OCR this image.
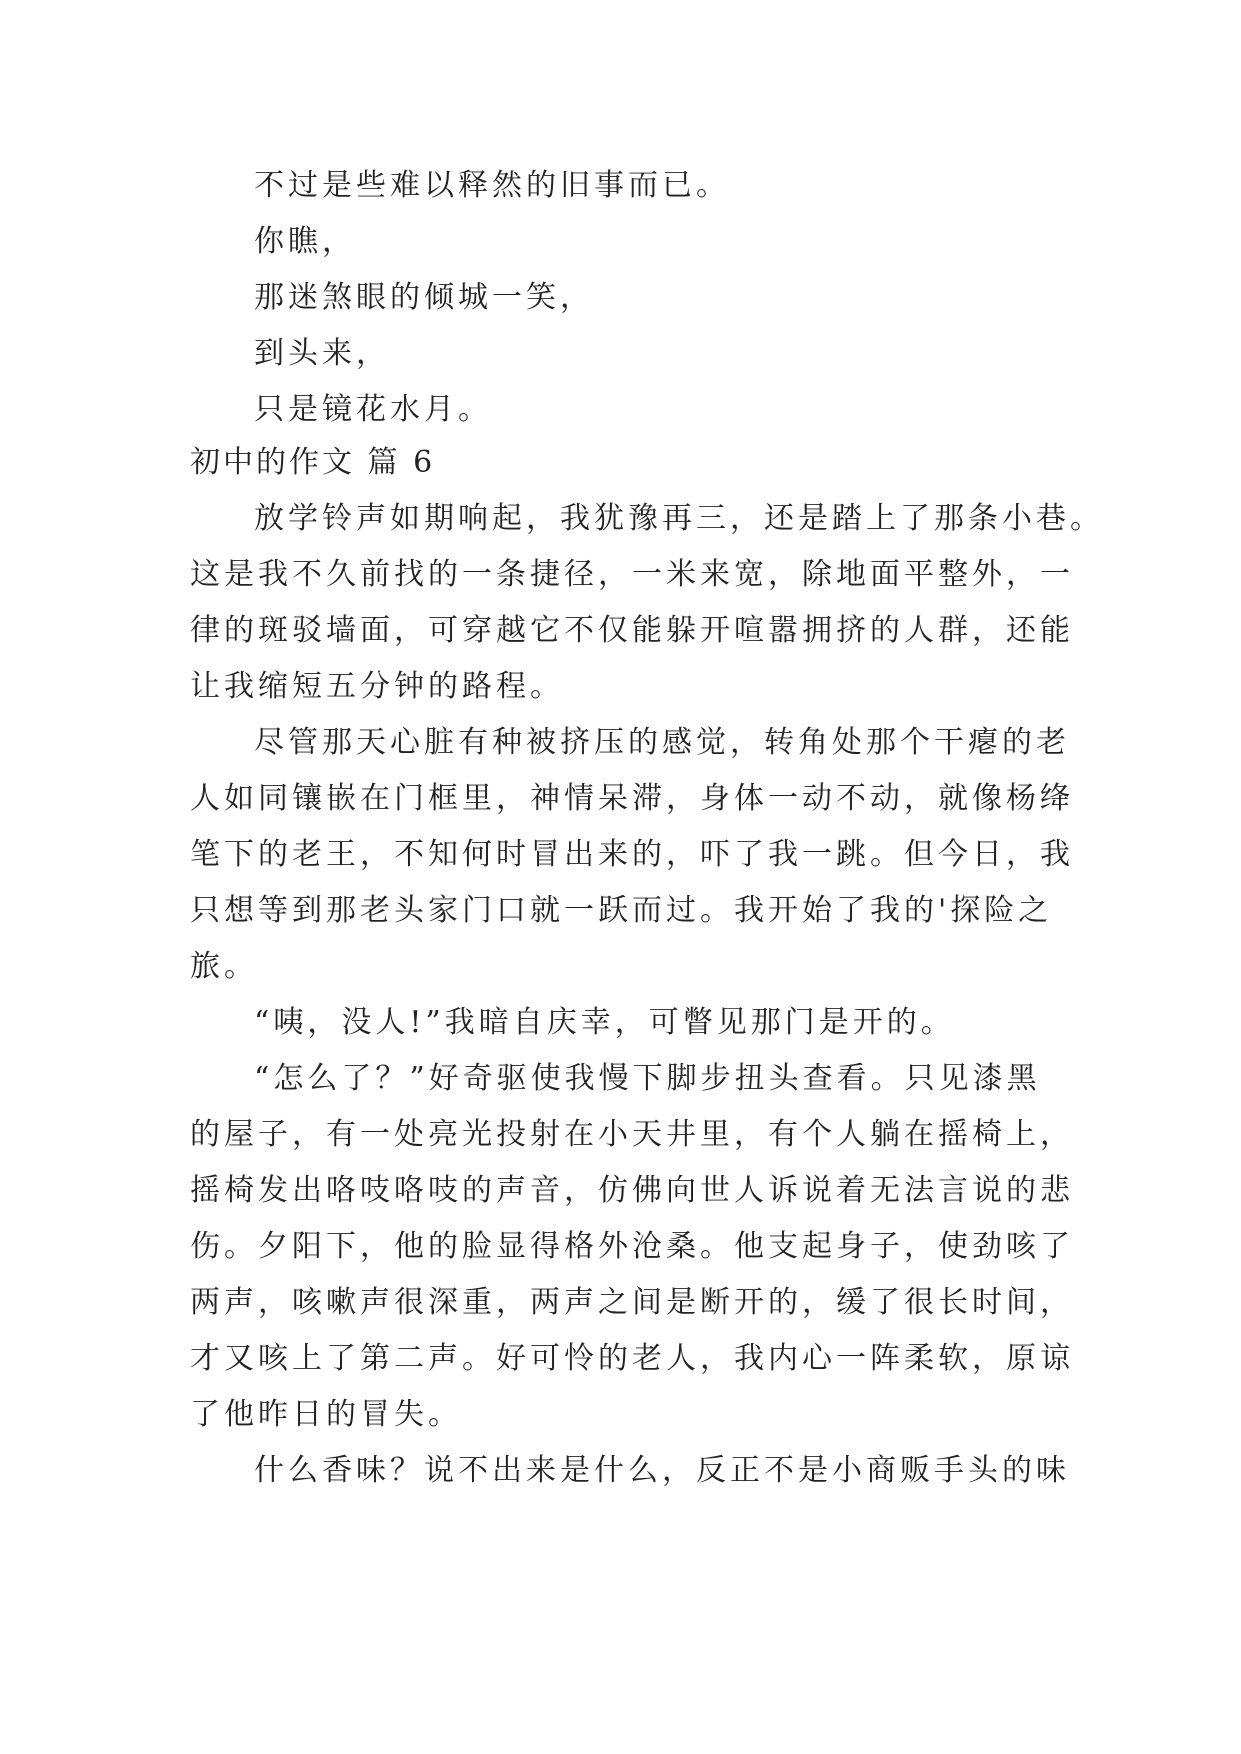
不过是些难以释然的旧事而已。
你瞧，
那迷煞眼的倾城一笑，
到头来，
只是镜花水月。
初中的作文 篇 6
放学铃声如期响起，我犹豫再三，还是踏上了那条小巷。
这是我不久前找的一条捷径，一米来宽，除地面平整外，一
律的斑驳墙面，可穿越它不仅能躲开喧嚣拥挤的人群，还能
让我缩短五分钟的路程。
尽管那天心脏有种被挤压的感觉，转角处那个干瘪的老
人如同镶嵌在门框里，神情呆滞，身体一动不动，就像杨绛
笔下的老王，不知何时冒出来的，吓了我一跳。但今日，我
只想等到那老头家门口就一跃而过。我开始了我的'探险之
旅。
“咦，没人!”我暗自庆幸，可瞥见那门是开的。
“怎么了？”好奇驱使我慢下脚步扭头查看。只见漆黑
的屋子，有一处亮光投射在小天井里，有个人躺在摇椅上，
摇椅发出咯吱咯吱的声音，仿佛向世人诉说着无法言说的悲
伤。夕阳下，他的脸显得格外沧桑。他支起身子，使劲咳了
两声，咳嗽声很深重，两声之间是断开的，缓了很长时间，
才又咳上了第二声。好可怜的老人，我内心一阵柔软，原谅
了他昨日的冒失。
什么香味？说不出来是什么，反正不是小商贩手头的味
